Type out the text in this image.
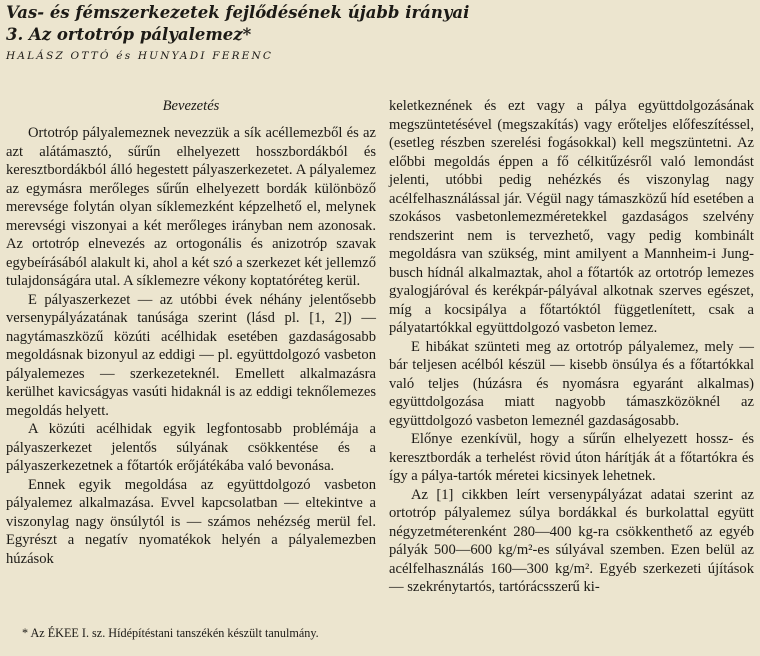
Vas- és fémszerkezetek fejlődésének újabb irányai
3. Az ortotróp pályalemez*
HALÁSZ OTTÓ és HUNYADI FERENC
Bevezetés

Ortotróp pályalemeznek nevezzük a sík acéllemezből és az azt alátámasztó, sűrűn elhelyezett hosszbordákból és keresztbordákból álló hegestett pályaszerkezetet. A pályalemez az egymásra merőleges sűrűn elhelyezett bordák különböző merevsége folytán olyan síklemezként képzelhető el, melynek merevségi viszonyai a két merőleges irányban nem azonosak. Az ortotróp elnevezés az ortogonális és anizotróp szavak egybeírásából alakult ki, ahol a két szó a szerkezet két jellemző tulajdonságára utal. A síklemezre vékony koptatóréteg kerül.

E pályaszerkezet — az utóbbi évek néhány jelentősebb versenypályázatának tanúsága szerint (lásd pl. [1, 2]) — nagytámaszközű közúti acélhidak esetében gazdaságosabb megoldásnak bizonyul az eddigi — pl. együttdolgozó vasbeton pályalemezes — szerkezeteknél. Emellett alkalmazásra kerülhet kavicságyas vasúti hidaknál is az eddigi teknőlemezes megoldás helyett.

A közúti acélhidak egyik legfontosabb problémája a pályaszerkezet jelentős súlyának csökkentése és a pályaszerkezetnek a főtartók erőjátékába való bevonása.

Ennek egyik megoldása az együttdolgozó vasbeton pályalemez alkalmazása. Evvel kapcsolatban — eltekintve a viszonylag nagy önsúlytól is — számos nehézség merül fel. Egyrészt a negatív nyomatékok helyén a pályalemezben húzások

keletkeznének és ezt vagy a pálya együttdolgozásának megszüntetésével (megszakítás) vagy erőteljes előfeszítéssel, (esetleg részben szerelési fogásokkal) kell megszüntetni. Az előbbi megoldás éppen a fő célkitűzésről való lemondást jelenti, utóbbi pedig nehézkés és viszonylag nagy acélfelhasználással jár. Végül nagy támaszközű híd esetében a szokásos vasbetonlemezméretekkel gazdaságos szelvény rendszerint nem is tervezhető, vagy pedig kombinált megoldásra van szükség, mint amilyent a Mannheim-i Jungbusch hídnál alkalmaztak, ahol a főtartók az ortotróp lemezes gyalogjáróval és kerékpár-pályával alkotnak szerves egészet, míg a kocsipálya a főtartóktól függetlenített, csak a pályatartókkal együttdolgozó vasbeton lemez.

E hibákat szünteti meg az ortotróp pályalemez, mely — bár teljesen acélból készül — kisebb önsúlya és a főtartókkal való teljes (húzásra és nyomásra egyaránt alkalmas) együttdolgozása miatt nagyobb támaszközöknél az együttdolgozó vasbeton lemeznél gazdaságosabb.

Előnye ezenkívül, hogy a sűrűn elhelyezett hossz- és keresztbordák a terhelést rövid úton hárítják át a főtartókra és így a pálya-tartók méretei kicsinyek lehetnek.

Az [1] cikkben leírt versenypályázat adatai szerint az ortotróp pályalemez súlya bordákkal és burkolattal együtt négyzetméterenként 280—400 kg-ra csökkenthető az egyéb pályák 500—600 kg/m²-es súlyával szemben. Ezen belül az acélfelhasználás 160—300 kg/m². Egyéb szerkezeti újítások — szekrénytartós, tartórácsszerű ki-

* Az ÉKEE I. sz. Hídépítéstani tanszékén készült tanulmány.
